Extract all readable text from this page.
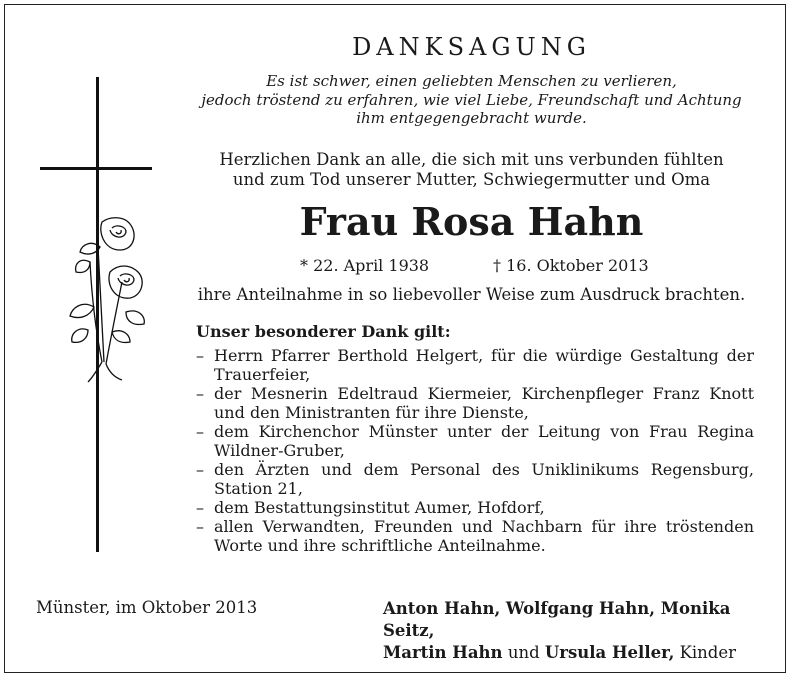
DANKSAGUNG
Es ist schwer, einen geliebten Menschen zu verlieren,
jedoch tröstend zu erfahren, wie viel Liebe, Freundschaft und Achtung
ihm entgegengebracht wurde.
Herzlichen Dank an alle, die sich mit uns verbunden fühlten
und zum Tod unserer Mutter, Schwiegermutter und Oma
Frau Rosa Hahn
* 22. April 1938	† 16. Oktober 2013
ihre Anteilnahme in so liebevoller Weise zum Ausdruck brachten.
Unser besonderer Dank gilt:
– Herrn Pfarrer Berthold Helgert, für die würdige Gestaltung der Trauerfeier,
– der Mesnerin Edeltraud Kiermeier, Kirchenpfleger Franz Knott und den Ministranten für ihre Dienste,
– dem Kirchenchor Münster unter der Leitung von Frau Regina Wildner-Gruber,
– den Ärzten und dem Personal des Uniklinikums Regensburg, Station 21,
– dem Bestattungsinstitut Aumer, Hofdorf,
– allen Verwandten, Freunden und Nachbarn für ihre tröstenden Worte und ihre schriftliche Anteilnahme.
Münster, im Oktober 2013	Anton Hahn, Wolfgang Hahn, Monika Seitz,
Martin Hahn und Ursula Heller, Kinder
